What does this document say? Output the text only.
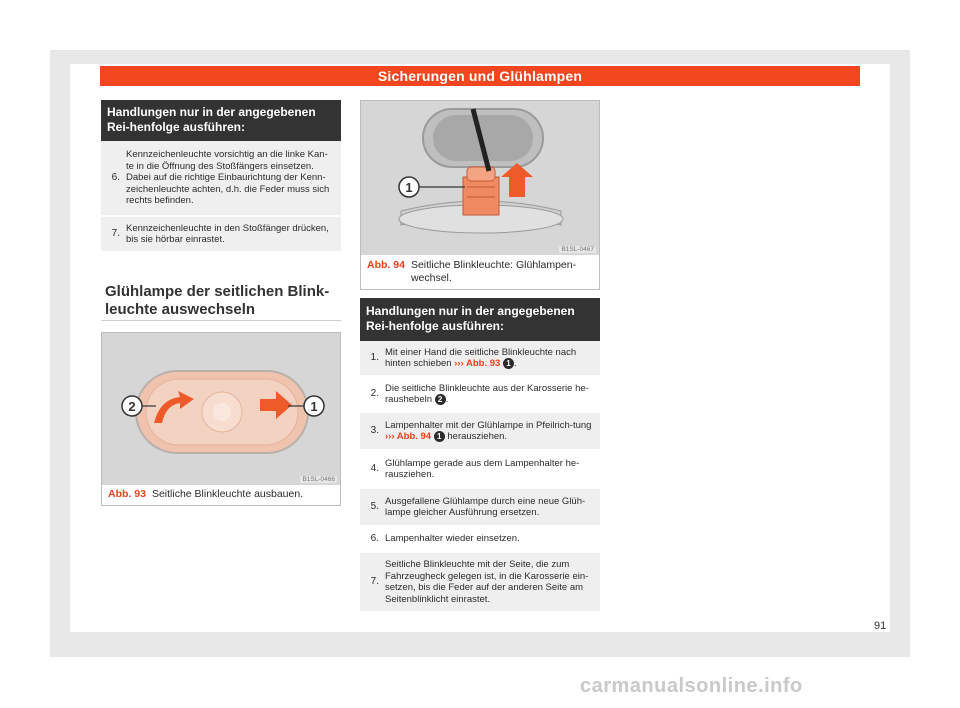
Sicherungen und Glühlampen
Handlungen nur in der angegebenen Rei-henfolge ausführen:
6.
Kennzeichenleuchte vorsichtig an die linke Kan-te in die Öffnung des Stoßfängers einsetzen. Dabei auf die richtige Einbaurichtung der Kenn-zeichenleuchte achten, d.h. die Feder muss sich rechts befinden.
7.
Kennzeichenleuchte in den Stoßfänger drücken, bis sie hörbar einrastet.
Glühlampe der seitlichen Blink-leuchte auswechseln
2	1
B1SL-0466
Abb. 93 Seitliche Blinkleuchte ausbauen.
1
B1SL-0467
Abb. 94 Seitliche Blinkleuchte: Glühlampen-wechsel.
Handlungen nur in der angegebenen Rei-henfolge ausführen:
1.
Mit einer Hand die seitliche Blinkleuchte nach hinten schieben ››› Abb. 93 1 .
2.
Die seitliche Blinkleuchte aus der Karosserie he-raushebeln 2 .
3.
Lampenhalter mit der Glühlampe in Pfeilrich-tung ››› Abb. 94 1 herausziehen.
4.
Glühlampe gerade aus dem Lampenhalter he-rausziehen.
5.
Ausgefallene Glühlampe durch eine neue Glüh-lampe gleicher Ausführung ersetzen.
6. Lampenhalter wieder einsetzen.
7.
Seitliche Blinkleuchte mit der Seite, die zum Fahrzeugheck gelegen ist, in die Karosserie ein-setzen, bis die Feder auf der anderen Seite am Seitenblinklicht einrastet.
91
carmanualsonline.info
